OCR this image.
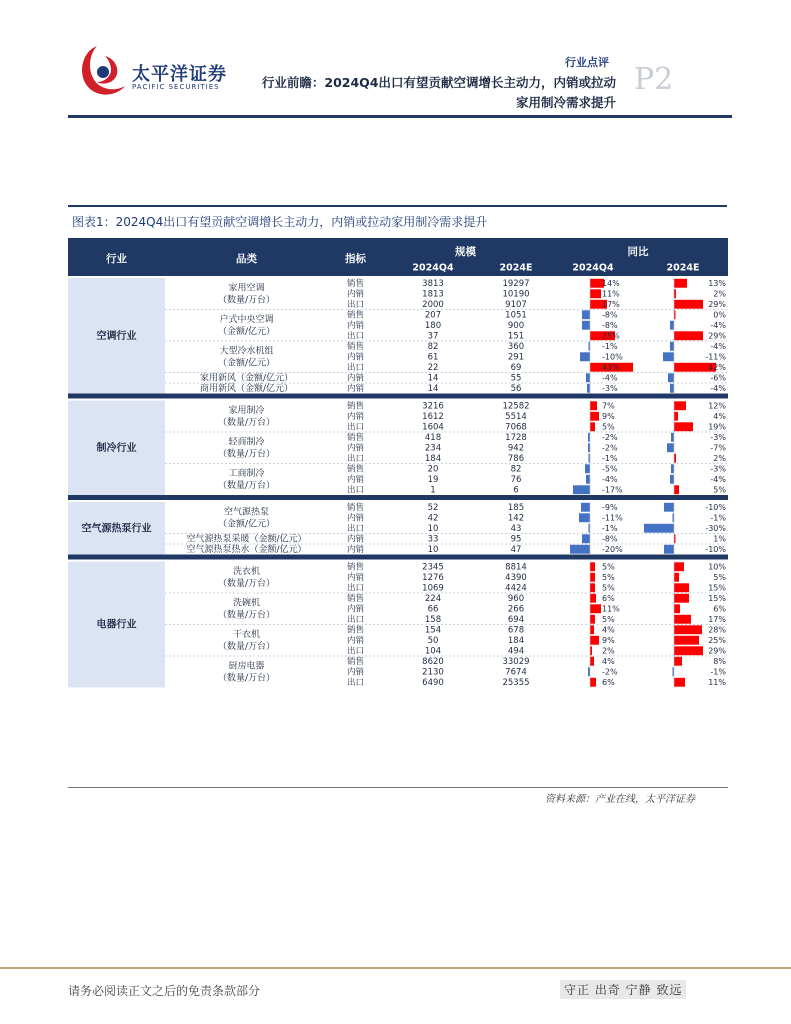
太平洋证券
PACIFIC SECURITIES
行业点评 P2
行业前瞻：2024Q4出口有望贡献空调增长主动力，内销或拉动
家用制冷需求提升
图表1：2024Q4出口有望贡献空调增长主动力，内销或拉动家用制冷需求提升
行业	品类	指标
规模	同比
2024Q4	2024E	2024Q4	2024E
空调行业
家用空调
（数量/万台）
销售	3813	19297	14%	13%
内销	1813	10190	11%	2%
出口	2000	9107	17%	29%
户式中央空调
（金额/亿元）
销售	207	1051	-8%	0%
内销	180	900	-8%	-4%
出口	37	151	25%	29%
大型冷水机组
（金额/亿元）
销售	82	360	-1%	-4%
内销	61	291	-10%	-11%
出口	22	69	43%	42%
家用新风（金额/亿元）	内销	14	55	-4%	-6%
商用新风（金额/亿元）	内销	14	56	-3%	-4%
制冷行业
家用制冷
（数量/万台）
销售	3216	12582	7%	12%
内销	1612	5514	9%	4%
出口	1604	7068	5%	19%
轻商制冷
（数量/万台）
销售	418	1728	-2%	-3%
内销	234	942	-2%	-7%
出口	184	786	-1%	2%
工商制冷
（数量/万台）
销售	20	82	-5%	-3%
内销	19	76	-4%	-4%
出口	1	6	-17%	5%
空气源热泵行业
空气源热泵
（金额/亿元）
销售	52	185	-9%	-10%
内销	42	142	-11%	-1%
出口	10	43	-1%	-30%
空气源热泵采暖（金额/亿元）	内销	33	95	-8%	1%
空气源热泵热水（金额/亿元）	内销	10	47	-20%	-10%
电器行业
洗衣机
（数量/万台）
销售	2345	8814	5%	10%
内销	1276	4390	5%	5%
出口	1069	4424	5%	15%
洗碗机
（数量/万台）
销售	224	960	6%	15%
内销	66	266	11%	6%
出口	158	694	5%	17%
干衣机
（数量/万台）
销售	154	678	4%	28%
内销	50	184	9%	25%
出口	104	494	2%	29%
厨房电器
（数量/万台）
销售	8620	33029	4%	8%
内销	2130	7674	-2%	-1%
出口	6490	25355	6%	11%
资料来源：产业在线，太平洋证券
请务必阅读正文之后的免责条款部分	守正 出奇 宁静 致远
